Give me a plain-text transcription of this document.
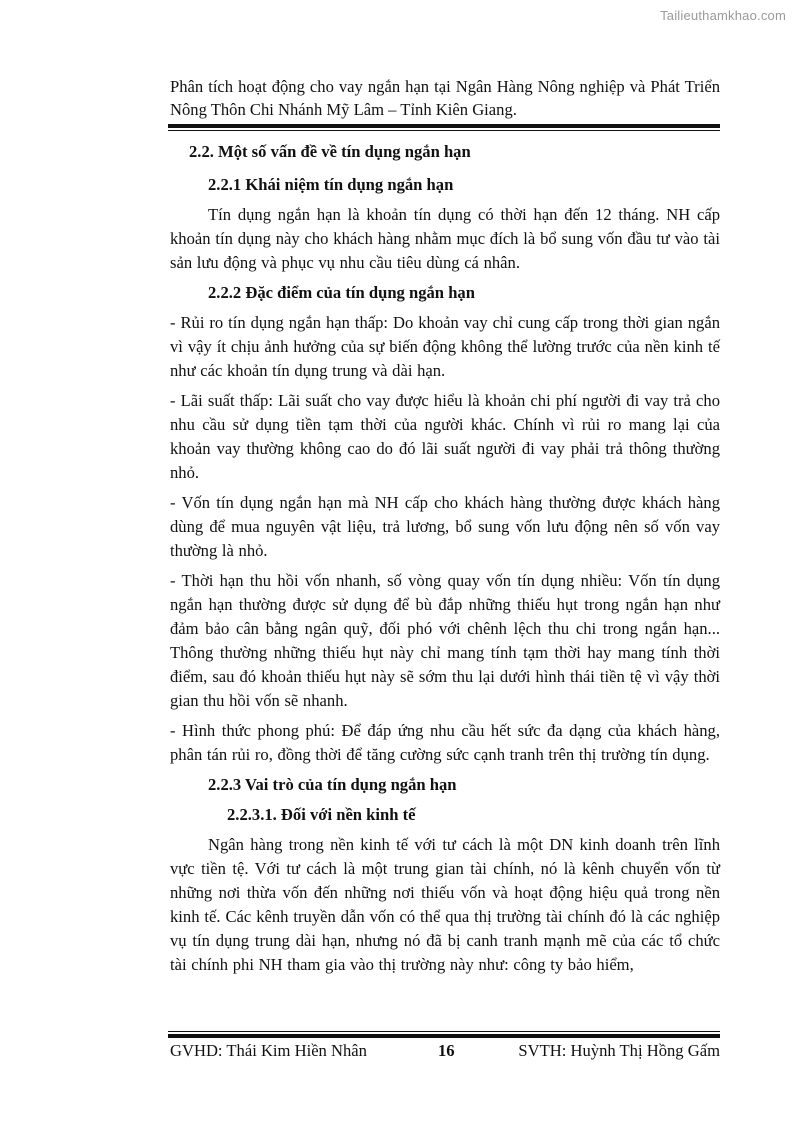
Tailieuthamkhao.com
Phân tích hoạt động cho vay ngắn hạn tại Ngân Hàng Nông nghiệp và Phát Triển Nông Thôn Chi Nhánh Mỹ Lâm – Tỉnh Kiên Giang.

2.2. Một số vấn đề về tín dụng ngắn hạn

2.2.1 Khái niệm tín dụng ngắn hạn

Tín dụng ngắn hạn là khoản tín dụng có thời hạn đến 12 tháng. NH cấp khoản tín dụng này cho khách hàng nhằm mục đích là bổ sung vốn đầu tư vào tài sản lưu động và phục vụ nhu cầu tiêu dùng cá nhân.

2.2.2 Đặc điểm của tín dụng ngắn hạn

- Rủi ro tín dụng ngắn hạn thấp: Do khoản vay chỉ cung cấp trong thời gian ngắn vì vậy ít chịu ảnh hưởng của sự biến động không thể lường trước của nền kinh tế như các khoản tín dụng trung và dài hạn.

- Lãi suất thấp: Lãi suất cho vay được hiểu là khoản chi phí người đi vay trả cho nhu cầu sử dụng tiền tạm thời của người khác. Chính vì rủi ro mang lại của khoản vay thường không cao do đó lãi suất người đi vay phải trả thông thường nhỏ.

- Vốn tín dụng ngắn hạn mà NH cấp cho khách hàng thường được khách hàng dùng để mua nguyên vật liệu, trả lương, bổ sung vốn lưu động nên số vốn vay thường là nhỏ.

- Thời hạn thu hồi vốn nhanh, số vòng quay vốn tín dụng nhiều: Vốn tín dụng ngắn hạn thường được sử dụng để bù đắp những thiếu hụt trong ngắn hạn như đảm bảo cân bằng ngân quỹ, đối phó với chênh lệch thu chi trong ngắn hạn... Thông thường những thiếu hụt này chỉ mang tính tạm thời hay mang tính thời điểm, sau đó khoản thiếu hụt này sẽ sớm thu lại dưới hình thái tiền tệ vì vậy thời gian thu hồi vốn sẽ nhanh.

- Hình thức phong phú: Để đáp ứng nhu cầu hết sức đa dạng của khách hàng, phân tán rủi ro, đồng thời để tăng cường sức cạnh tranh trên thị trường tín dụng.

2.2.3 Vai trò của tín dụng ngắn hạn

2.2.3.1. Đối với nền kinh tế

Ngân hàng trong nền kinh tế với tư cách là một DN kinh doanh trên lĩnh vực tiền tệ. Với tư cách là một trung gian tài chính, nó là kênh chuyển vốn từ những nơi thừa vốn đến những nơi thiếu vốn và hoạt động hiệu quả trong nền kinh tế. Các kênh truyền dẫn vốn có thể qua thị trường tài chính đó là các nghiệp vụ tín dụng trung dài hạn, nhưng nó đã bị canh tranh mạnh mẽ của các tổ chức tài chính phi NH tham gia vào thị trường này như: công ty bảo hiểm,

GVHD: Thái Kim Hiền Nhân	16	SVTH: Huỳnh Thị Hồng Gấm
